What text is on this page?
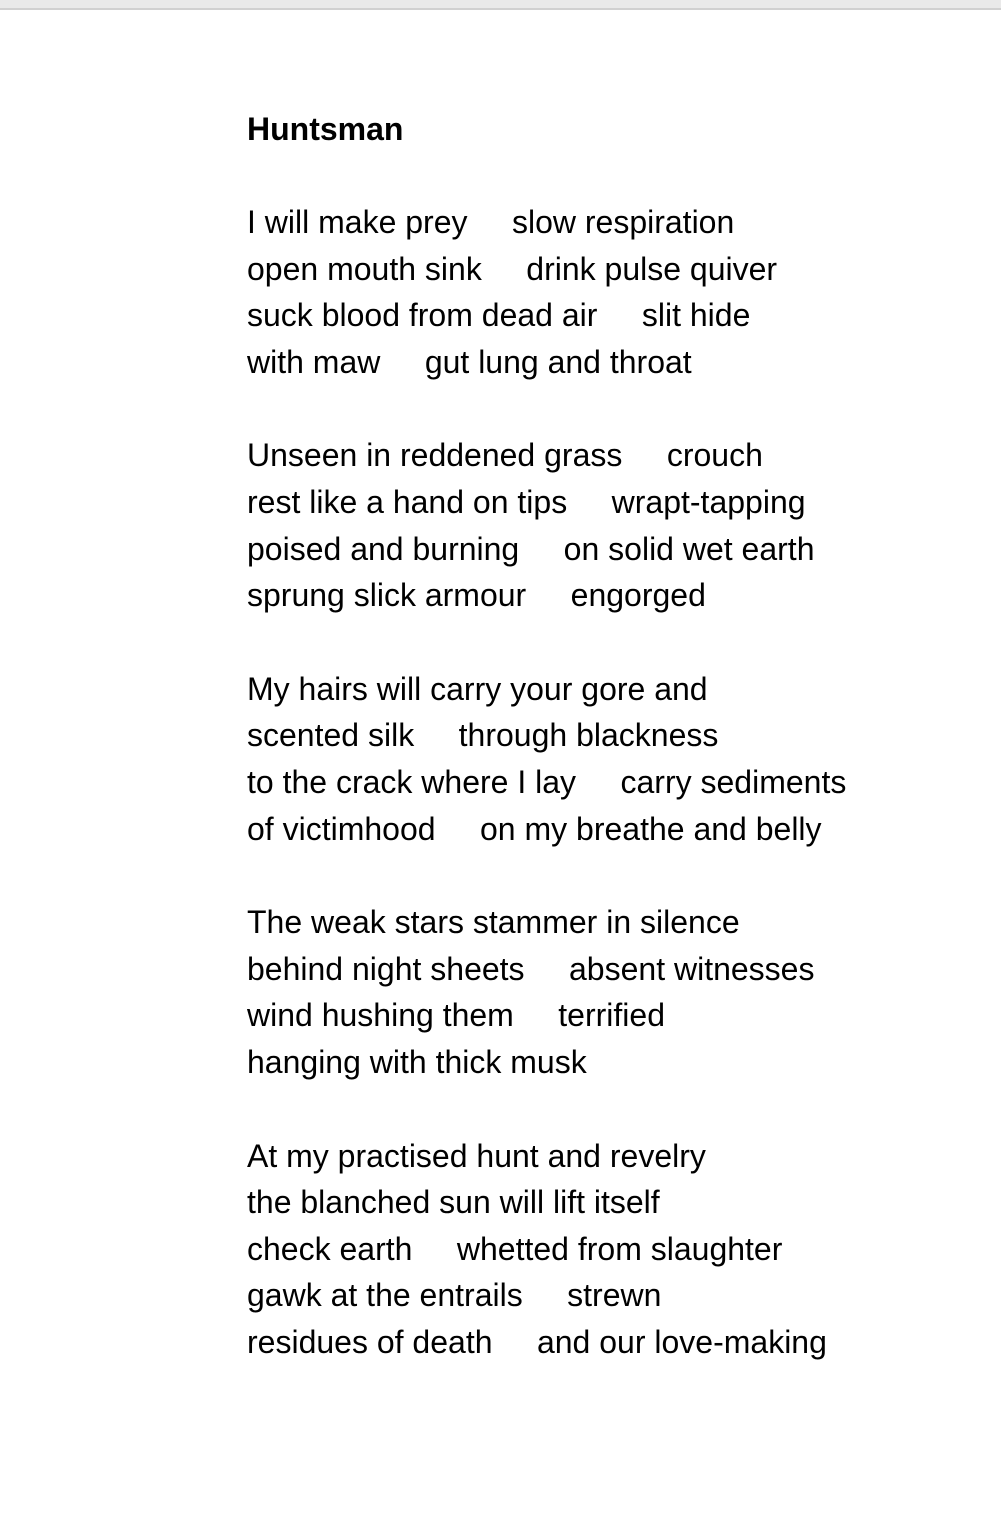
Huntsman
I will make prey     slow respiration
open mouth sink     drink pulse quiver
suck blood from dead air     slit hide
with maw     gut lung and throat
Unseen in reddened grass     crouch
rest like a hand on tips     wrapt-tapping
poised and burning     on solid wet earth
sprung slick armour     engorged
My hairs will carry your gore and
scented silk     through blackness
to the crack where I lay     carry sediments
of victimhood     on my breathe and belly
The weak stars stammer in silence
behind night sheets     absent witnesses
wind hushing them     terrified
hanging with thick musk
At my practised hunt and revelry
the blanched sun will lift itself
check earth     whetted from slaughter
gawk at the entrails     strewn
residues of death     and our love-making
